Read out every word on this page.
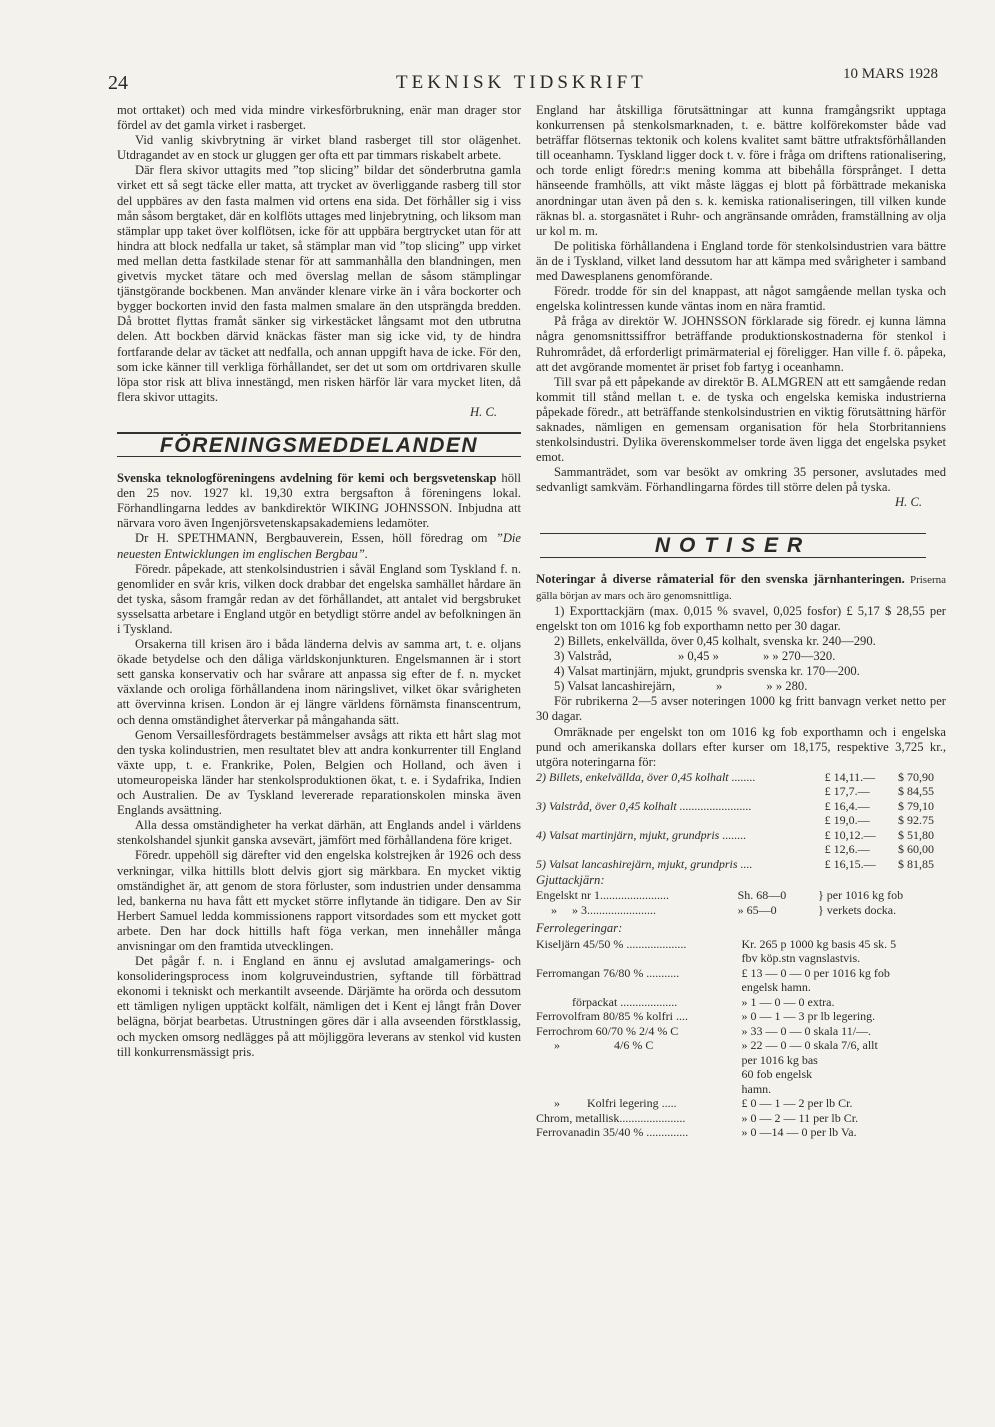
24	TEKNISK TIDSKRIFT	10 MARS 1928

mot orttaket) och med vida mindre virkesförbrukning, enär man drager stor fördel av det gamla virket i rasberget.

Vid vanlig skivbrytning är virket bland rasberget till stor olägenhet. Utdragandet av en stock ur gluggen ger ofta ett par timmars riskabelt arbete.

Där flera skivor uttagits med ”top slicing” bildar det sönderbrutna gamla virket ett så segt täcke eller matta, att trycket av överliggande rasberg till stor del uppbäres av den fasta malmen vid ortens ena sida. Det förhåller sig i viss mån såsom bergtaket, där en kolflöts uttages med linjebrytning, och liksom man stämplar upp taket över kolflötsen, icke för att uppbära bergtrycket utan för att hindra att block nedfalla ur taket, så stämplar man vid ”top slicing” upp virket med mellan detta fastkilade stenar för att sammanhålla den blandningen, men givetvis mycket tätare och med överslag mellan de såsom stämplingar tjänstgörande bockbenen. Man använder klenare virke än i våra bockorter och bygger bockorten invid den fasta malmen smalare än den utsprängda bredden. Då brottet flyttas framåt sänker sig virkestäcket långsamt mot den utbrutna delen. Att bockben därvid knäckas fäster man sig icke vid, ty de hindra fortfarande delar av täcket att nedfalla, och annan uppgift hava de icke. För den, som icke känner till verkliga förhållandet, ser det ut som om ortdrivaren skulle löpa stor risk att bliva innestängd, men risken härför lär vara mycket liten, då flera skivor uttagits.

H. C.
FÖRENINGSMEDDELANDEN

Svenska teknologföreningens avdelning för kemi och bergsvetenskap höll den 25 nov. 1927 kl. 19,30 extra bergsafton å föreningens lokal. Förhandlingarna leddes av bankdirektör WIKING JOHNSSON. Inbjudna att närvara voro även Ingenjörsvetenskapsakademiens ledamöter.

Dr H. SPETHMANN, Bergbauverein, Essen, höll föredrag om ”Die neuesten Entwicklungen im englischen Bergbau”.

Föredr. påpekade, att stenkolsindustrien i såväl England som Tyskland f. n. genomlider en svår kris, vilken dock drabbar det engelska samhället hårdare än det tyska, såsom framgår redan av det förhållandet, att antalet vid bergsbruket sysselsatta arbetare i England utgör en betydligt större andel av befolkningen än i Tyskland.

Orsakerna till krisen äro i båda länderna delvis av samma art, t. e. oljans ökade betydelse och den dåliga världskonjunkturen. Engelsmannen är i stort sett ganska konservativ och har svårare att anpassa sig efter de f. n. mycket växlande och oroliga förhållandena inom näringslivet, vilket ökar svårigheten att övervinna krisen. London är ej längre världens förnämsta finanscentrum, och denna omständighet återverkar på mångahanda sätt.

Genom Versaillesfördragets bestämmelser avsågs att rikta ett hårt slag mot den tyska kolindustrien, men resultatet blev att andra konkurrenter till England växte upp, t. e. Frankrike, Polen, Belgien och Holland, och även i utomeuropeiska länder har stenkolsproduktionen ökat, t. e. i Sydafrika, Indien och Australien. De av Tyskland levererade reparationskolen minska även Englands avsättning.

Alla dessa omständigheter ha verkat därhän, att Englands andel i världens stenkolshandel sjunkit ganska avsevärt, jämfört med förhållandena före kriget.

Föredr. uppehöll sig därefter vid den engelska kolstrejken år 1926 och dess verkningar, vilka hittills blott delvis gjort sig märkbara. En mycket viktig omständighet är, att genom de stora förluster, som industrien under densamma led, bankerna nu hava fått ett mycket större inflytande än tidigare. Den av Sir Herbert Samuel ledda kommissionens rapport vitsordades som ett mycket gott arbete. Den har dock hittills haft föga verkan, men innehåller många anvisningar om den framtida utvecklingen.

Det pågår f. n. i England en ännu ej avslutad amalgamerings- och konsolideringsprocess inom kolgruveindustrien, syftande till förbättrad ekonomi i tekniskt och merkantilt avseende. Därjämte ha orörda och dessutom ett tämligen nyligen upptäckt kolfält, nämligen det i Kent ej långt från Dover belägna, börjat bearbetas. Utrustningen göres där i alla avseenden förstklassig, och mycken omsorg nedlägges på att möjliggöra leverans av stenkol vid kusten till konkurrensmässigt pris.

England har åtskilliga förutsättningar att kunna framgångsrikt upptaga konkurrensen på stenkolsmarknaden, t. e. bättre kolförekomster både vad beträffar flötsernas tektonik och kolens kvalitet samt bättre utfraktsförhållanden till oceanhamn. Tyskland ligger dock t. v. före i fråga om driftens rationalisering, och torde enligt föredr:s mening komma att bibehålla försprånget. I detta hänseende framhölls, att vikt måste läggas ej blott på förbättrade mekaniska anordningar utan även på den s. k. kemiska rationaliseringen, till vilken kunde räknas bl. a. storgasnätet i Ruhr- och angränsande områden, framställning av olja ur kol m. m.

De politiska förhållandena i England torde för stenkolsindustrien vara bättre än de i Tyskland, vilket land dessutom har att kämpa med svårigheter i samband med Dawesplanens genomförande.

Föredr. trodde för sin del knappast, att något samgående mellan tyska och engelska kolintressen kunde väntas inom en nära framtid.

På fråga av direktör W. JOHNSSON förklarade sig föredr. ej kunna lämna några genomsnittssiffror beträffande produktionskostnaderna för stenkol i Ruhrområdet, då erforderligt primärmaterial ej föreligger. Han ville f. ö. påpeka, att det avgörande momentet är priset fob fartyg i oceanhamn.

Till svar på ett påpekande av direktör B. ALMGREN att ett samgående redan kommit till stånd mellan t. e. de tyska och engelska kemiska industrierna påpekade föredr., att beträffande stenkolsindustrien en viktig förutsättning härför saknades, nämligen en gemensam organisation för hela Storbritanniens stenkolsindustri. Dylika överenskommelser torde även ligga det engelska psyket emot.

Sammanträdet, som var besökt av omkring 35 personer, avslutades med sedvanligt samkväm. Förhandlingarna fördes till större delen på tyska.

H. C.
NOTISER

Noteringar å diverse råmaterial för den svenska järnhanteringen. Priserna gälla början av mars och äro genomsnittliga.

1) Exporttackjärn (max. 0,015 % svavel, 0,025 fosfor) £ 5,17 $ 28,55 per engelskt ton om 1016 kg fob exporthamn netto per 30 dagar.

2) Billets, enkelvällda, över 0,45 kolhalt, svenska kr. 240—290.

3) Valstråd,                     » 0,45 »              » » 270—320.

4) Valsat martinjärn, mjukt, grundpris svenska kr. 170—200.

5) Valsat lancashirejärn,             »              » » 280.

För rubrikerna 2—5 avser noteringen 1000 kg fritt banvagn verket netto per 30 dagar.

Omräknade per engelskt ton om 1016 kg fob exporthamn och i engelska pund och amerikanska dollars efter kurser om 18,175, respektive 3,725 kr., utgöra noteringarna för:

2) Billets, enkelvällda, över 0,45 kolhalt ........	£ 14,11.—	$ 70,90
	£ 17,7.—	$ 84,55
3) Valstråd, över 0,45 kolhalt ........................	£ 16,4.—	$ 79,10
	£ 19,0.—	$ 92.75
4) Valsat martinjärn, mjukt, grundpris ........	£ 10,12.—	$ 51,80
	£ 12,6.—	$ 60,00
5) Valsat lancashirejärn, mjukt, grundpris ....	£ 16,15.—	$ 81,85
Gjuttackjärn:
Engelskt nr 1.......................	Sh. 68—0	} per 1016 kg fob
»     » 3.......................	» 65—0	} verkets docka.
Ferrolegeringar:
Kiseljärn 45/50 % ....................	Kr. 265 p 1000 kg basis 45 sk. 5
	fbv köp.stn vagnslastvis.
Ferromangan 76/80 % ...........	£ 13 — 0 — 0 per 1016 kg fob
	engelsk hamn.
förpackat ...................	» 1 — 0 — 0 extra.
Ferrovolfram 80/85 % kolfri ....	» 0 — 1 — 3 pr lb legering.
Ferrochrom 60/70 % 2/4 % C	» 33 — 0 — 0 skala 11/—.
»                  4/6 % C	» 22 — 0 — 0 skala 7/6, allt
	per 1016 kg bas
	60 fob engelsk
	hamn.
»         Kolfri legering .....	£ 0 — 1 — 2 per lb Cr.
Chrom, metallisk......................	» 0 — 2 — 11 per lb Cr.
Ferrovanadin 35/40 % ..............	» 0 —14 — 0 per lb Va.
